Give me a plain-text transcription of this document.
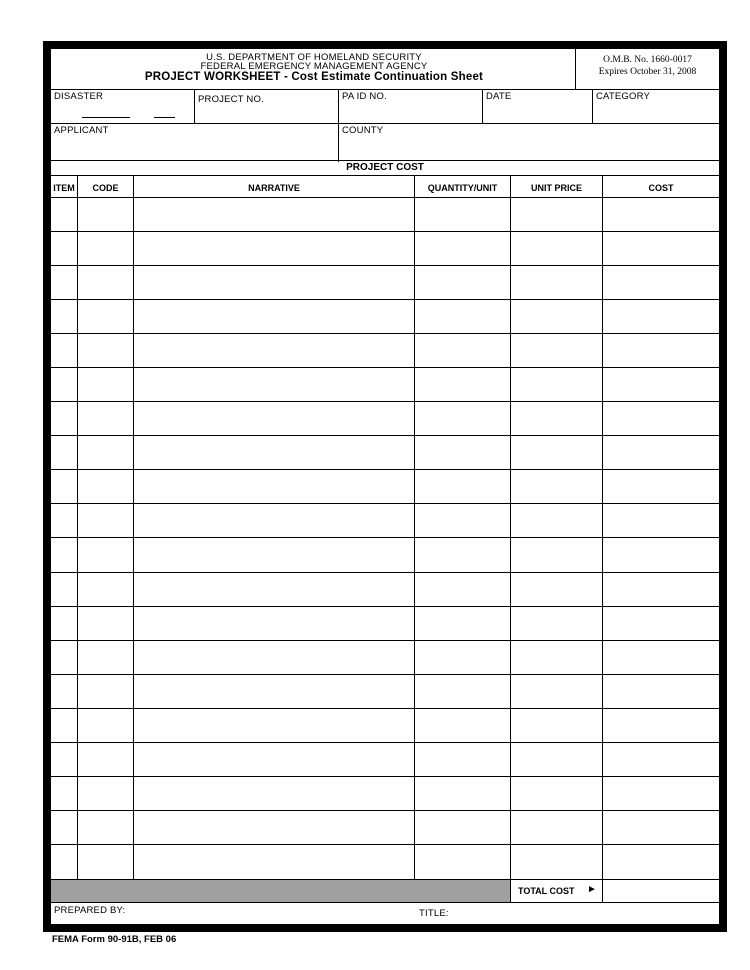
U.S. DEPARTMENT OF HOMELAND SECURITY
FEDERAL EMERGENCY MANAGEMENT AGENCY
PROJECT WORKSHEET - Cost Estimate Continuation Sheet
O.M.B. No. 1660-0017
Expires October 31, 2008
DISASTER	PROJECT NO.	PA ID NO.	DATE	CATEGORY
APPLICANT	COUNTY
PROJECT COST
ITEM	CODE	NARRATIVE	QUANTITY/UNIT	UNIT PRICE	COST
TOTAL COST ►
PREPARED BY:	TITLE:
FEMA Form 90-91B, FEB 06
